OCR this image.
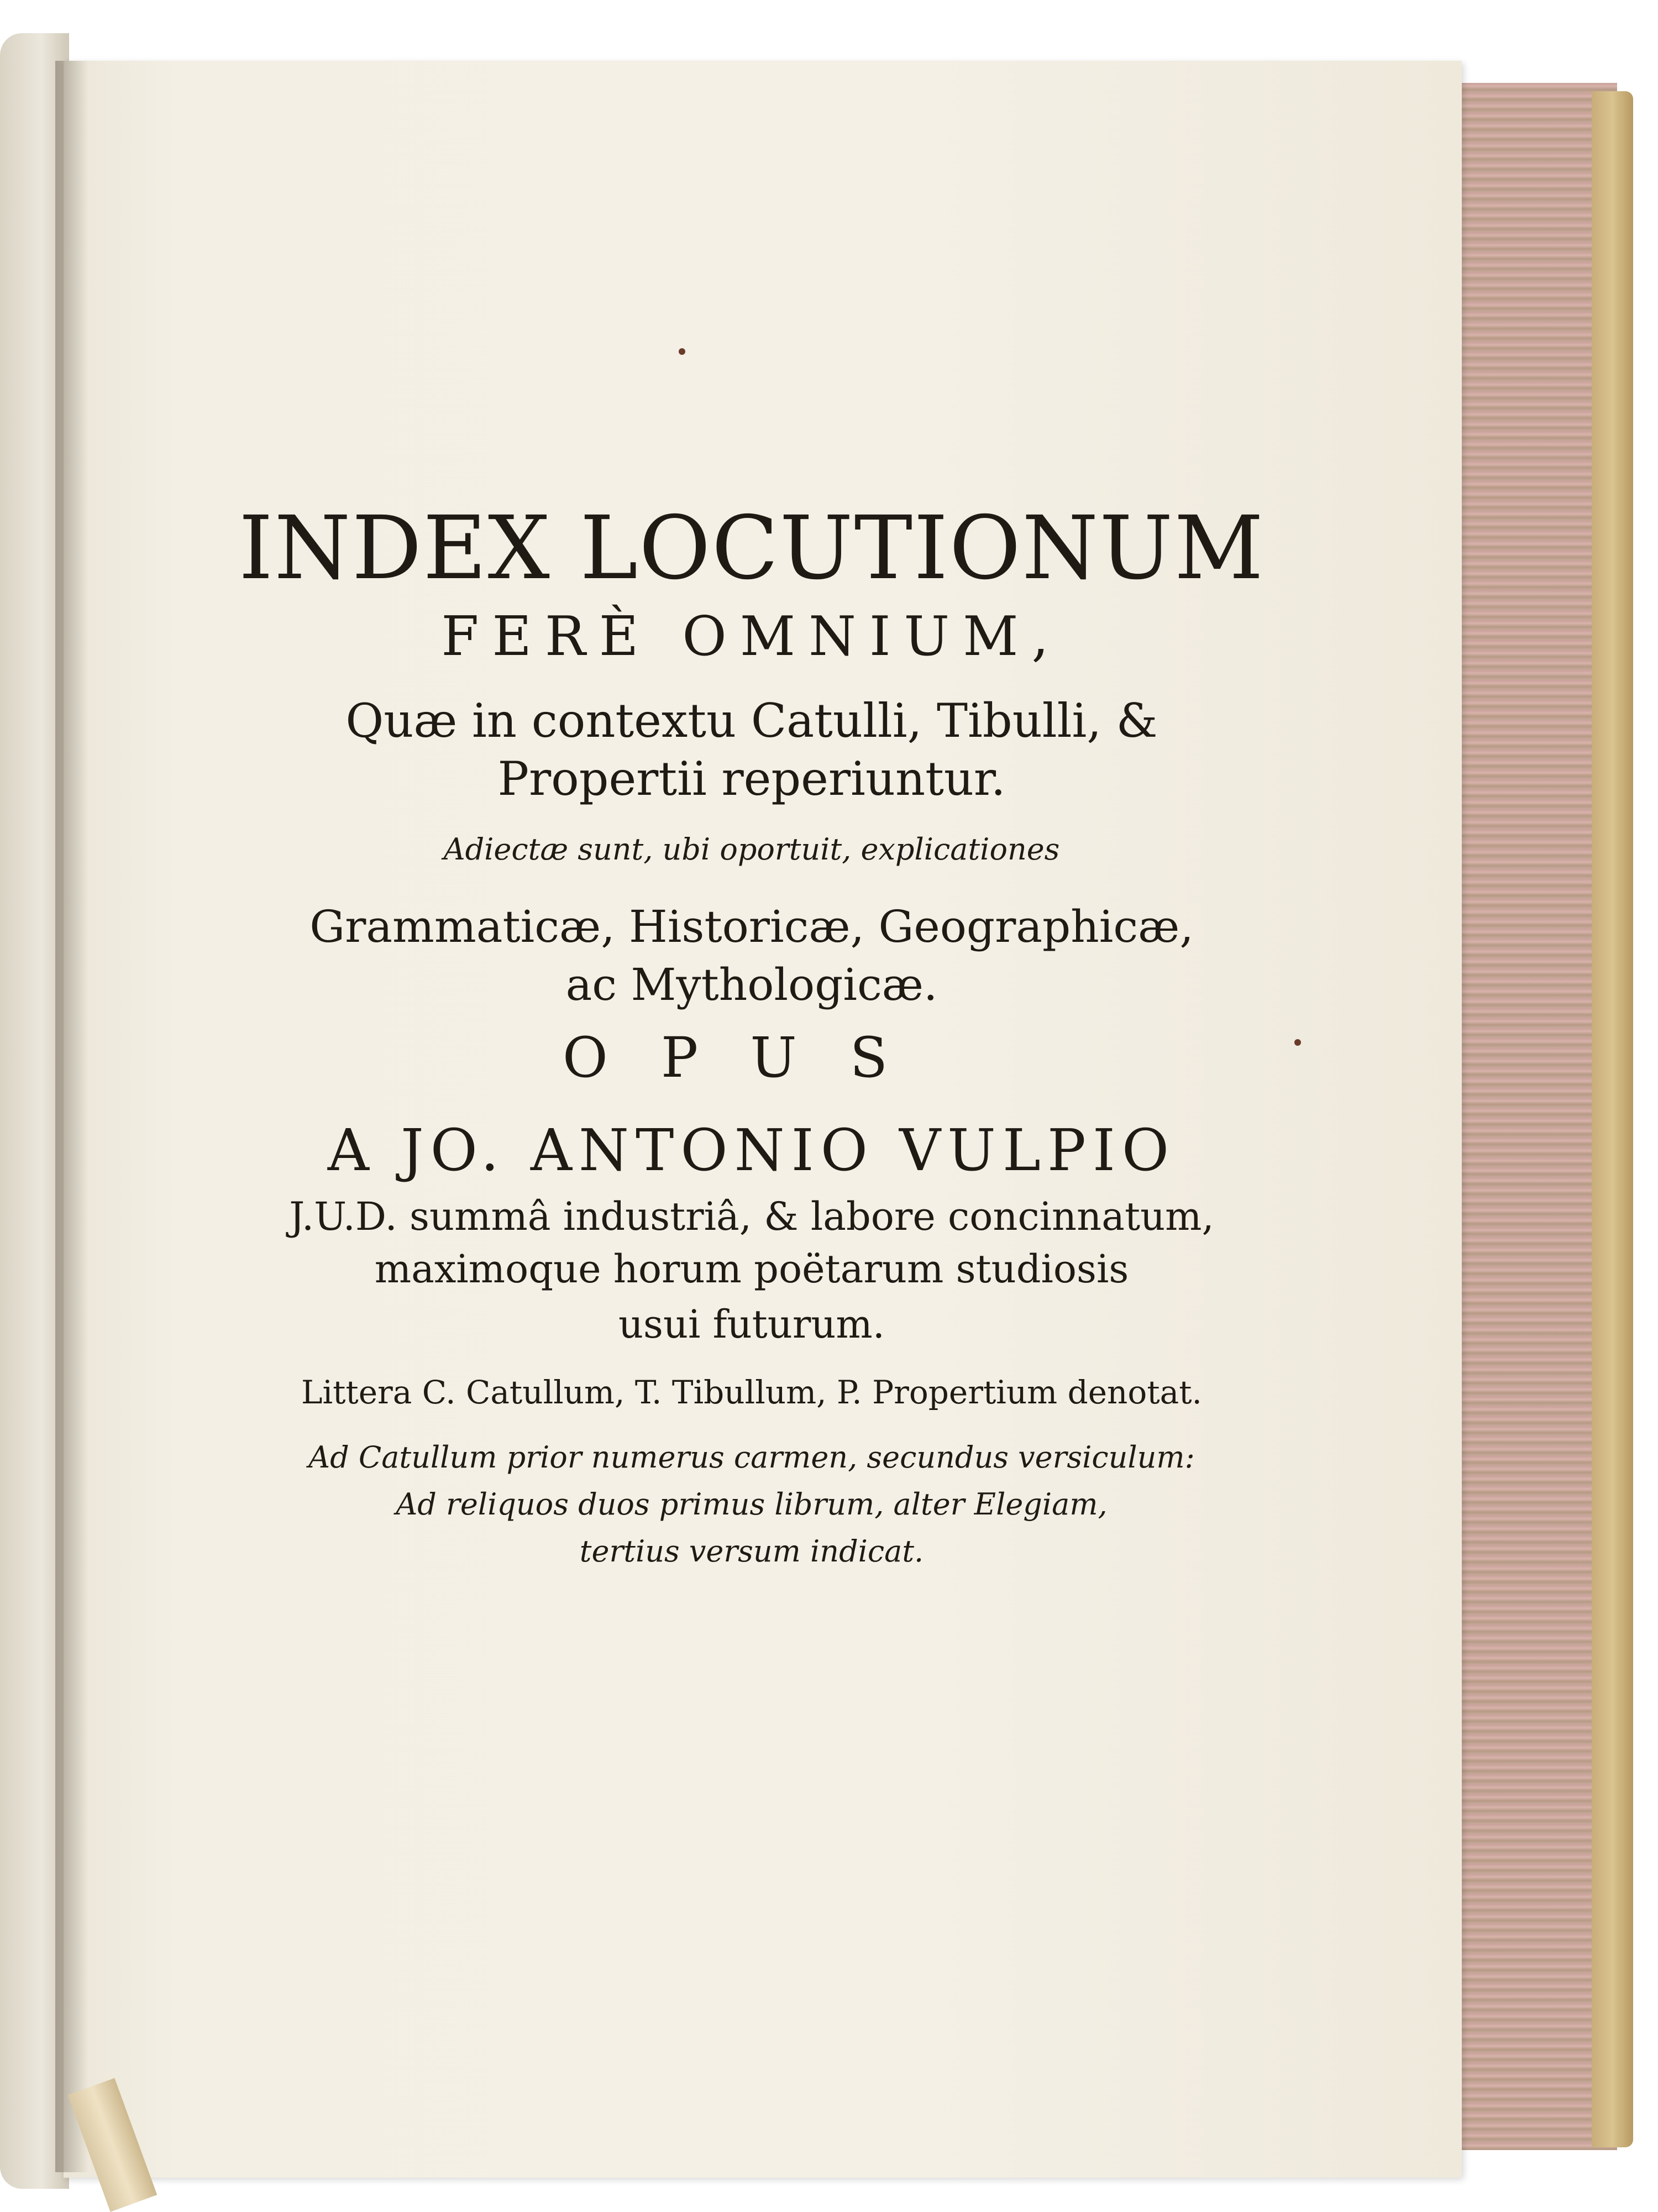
INDEX LOCUTIONUM
FERÈ OMNIUM,
Quæ in contextu Catulli, Tibulli, &
Propertii reperiuntur.
Adiectæ sunt, ubi oportuit, explicationes
Grammaticæ, Historicæ, Geographicæ,
ac Mythologicæ.
OPUS
A JO. ANTONIO VULPIO
J.U.D. summâ industriâ, & labore concinnatum,
maximoque horum poëtarum studiosis
usui futurum.
Littera C. Catullum, T. Tibullum, P. Propertium denotat.
Ad Catullum prior numerus carmen, secundus versiculum:
Ad reliquos duos primus librum, alter Elegiam,
tertius versum indicat.
